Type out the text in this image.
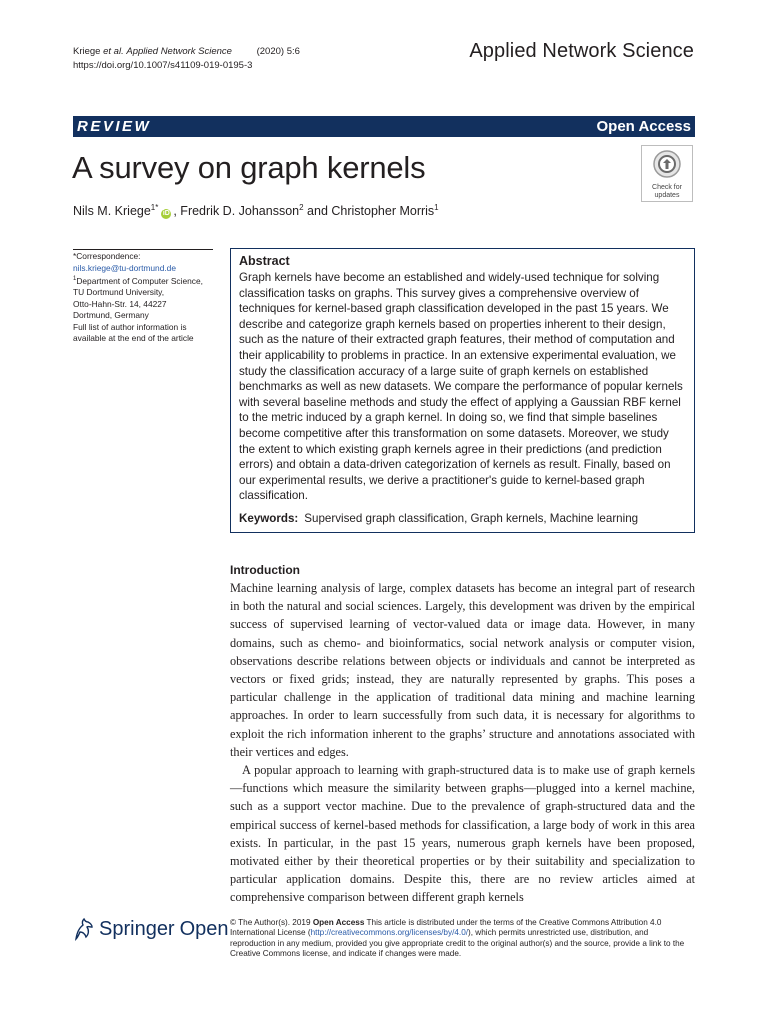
Kriege et al. Applied Network Science	(2020) 5:6
https://doi.org/10.1007/s41109-019-0195-3
Applied Network Science
REVIEW	Open Access
A survey on graph kernels
Nils M. Kriege$^{1*}$iD , Fredrik D. Johansson$^2$ and Christopher Morris$^1$
Check for
updates
*Correspondence:
nils.kriege@tu-dortmund.de
$^1$Department of Computer Science,
TU Dortmund University,
Otto-Hahn-Str. 14, 44227
Dortmund, Germany
Full list of author information is available at the end of the article
Abstract
Graph kernels have become an established and widely-used technique for solving classification tasks on graphs. This survey gives a comprehensive overview of techniques for kernel-based graph classification developed in the past 15 years. We describe and categorize graph kernels based on properties inherent to their design, such as the nature of their extracted graph features, their method of computation and their applicability to problems in practice. In an extensive experimental evaluation, we study the classification accuracy of a large suite of graph kernels on established benchmarks as well as new datasets. We compare the performance of popular kernels with several baseline methods and study the effect of applying a Gaussian RBF kernel to the metric induced by a graph kernel. In doing so, we find that simple baselines become competitive after this transformation on some datasets. Moreover, we study the extent to which existing graph kernels agree in their predictions (and prediction errors) and obtain a data-driven categorization of kernels as result. Finally, based on our experimental results, we derive a practitioner's guide to kernel-based graph classification.
Keywords: Supervised graph classification, Graph kernels, Machine learning
Introduction

Machine learning analysis of large, complex datasets has become an integral part of research in both the natural and social sciences. Largely, this development was driven by the empirical success of supervised learning of vector-valued data or image data. However, in many domains, such as chemo- and bioinformatics, social network analysis or computer vision, observations describe relations between objects or individuals and cannot be interpreted as vectors or fixed grids; instead, they are naturally represented by graphs. This poses a particular challenge in the application of traditional data mining and machine learning approaches. In order to learn successfully from such data, it is necessary for algorithms to exploit the rich information inherent to the graphs’ structure and annotations associated with their vertices and edges.

A popular approach to learning with graph-structured data is to make use of graph kernels—functions which measure the similarity between graphs—plugged into a kernel machine, such as a support vector machine. Due to the prevalence of graph-structured data and the empirical success of kernel-based methods for classification, a large body of work in this area exists. In particular, in the past 15 years, numerous graph kernels have been proposed, motivated either by their theoretical properties or by their suitability and specialization to particular application domains. Despite this, there are no review articles aimed at comprehensive comparison between different graph kernels

Springer Open © The Author(s). 2019 Open Access This article is distributed under the terms of the Creative Commons Attribution 4.0 International License (http://creativecommons.org/licenses/by/4.0/), which permits unrestricted use, distribution, and reproduction in any medium, provided you give appropriate credit to the original author(s) and the source, provide a link to the Creative Commons license, and indicate if changes were made.
